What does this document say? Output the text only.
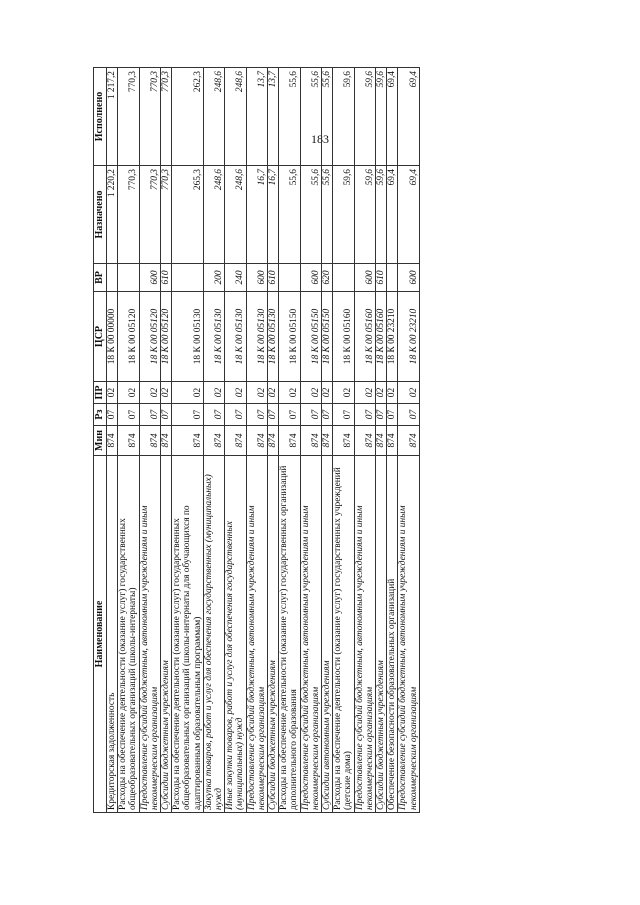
183
Наименование	Мин	Рз	ПР	ЦСР	ВР	Назначено	Исполнено
Кредиторская задолженность	874	07	02	18 К 00 00000		1 220,2	1 217,2
Расходы на обеспечение деятельности (оказание услуг) государственных общеобразовательных организаций (школы-интернаты)	874	07	02	18 К 00 05120		770,3	770,3
Предоставление субсидий бюджетным, автономным учреждениям и иным некоммерческим организациям	874	07	02	18 К 00 05120	600	770,3	770,3
Субсидии бюджетным учреждениям	874	07	02	18 К 00 05120	610	770,3	770,3
Расходы на обеспечение деятельности (оказание услуг) государственных общеобразовательных организаций (школы-интернаты для обучающихся по адаптированным образовательным программам)	874	07	02	18 К 00 05130		265,3	262,3
Закупка товаров, работ и услуг для обеспечения государственных (муниципальных) нужд	874	07	02	18 К 00 05130	200	248,6	248,6
Иные закупки товаров, работ и услуг для обеспечения государственных (муниципальных) нужд	874	07	02	18 К 00 05130	240	248,6	248,6
Предоставление субсидий бюджетным, автономным учреждениям и иным некоммерческим организациям	874	07	02	18 К 00 05130	600	16,7	13,7
Субсидии бюджетным учреждениям	874	07	02	18 К 00 05130	610	16,7	13,7
Расходы на обеспечение деятельности (оказание услуг) государственных организаций дополнительного образования	874	07	02	18 К 00 05150		55,6	55,6
Предоставление субсидий бюджетным, автономным учреждениям и иным некоммерческим организациям	874	07	02	18 К 00 05150	600	55,6	55,6
Субсидии автономным учреждениям	874	07	02	18 К 00 05150	620	55,6	55,6
Расходы на обеспечение деятельности (оказание услуг) государственных учреждений (детские дома)	874	07	02	18 К 00 05160		59,6	59,6
Предоставление субсидий бюджетным, автономным учреждениям и иным некоммерческим организациям	874	07	02	18 К 00 05160	600	59,6	59,6
Субсидии бюджетным учреждениям	874	07	02	18 К 00 05160	610	59,6	59,6
Обеспечение безопасности образовательных организаций	874	07	02	18 К 00 23210		69,4	69,4
Предоставление субсидий бюджетным, автономным учреждениям и иным некоммерческим организациям	874	07	02	18 К 00 23210	600	69,4	69,4
